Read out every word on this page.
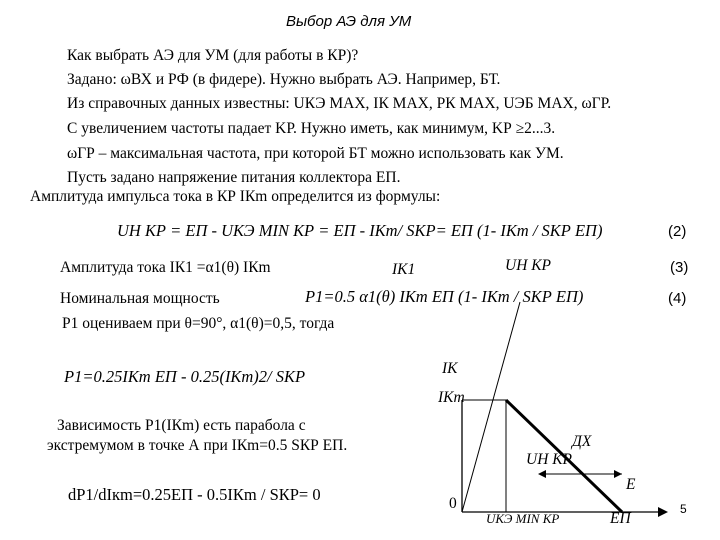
Выбор АЭ для УМ
Как выбрать АЭ для УМ (для работы в КР)?
Задано: ωВХ и PФ (в фидере). Нужно выбрать АЭ. Например, БТ.
Из справочных данных известны: UКЭ МАХ, IК МАХ, PК МАХ, UЭБ МАХ, ωГР.
С увеличением частоты падает KР. Нужно иметь, как минимум, KР ≥2...3.
ωГР – максимальная частота, при которой БТ можно использовать как УМ.
Пусть задано напряжение питания коллектора EП.
Амплитуда импульса тока в КР IКm определится из формулы:
UН КР = EП - UКЭ MIN КР = EП - IКm/ SКР= EП (1- IКm / SКР EП)	(2)
Амплитуда тока IК1 =α1(θ) IКm	IК1	UН КР	(3)
Номинальная мощность	P1=0.5 α1(θ) IКm EП (1- IКm / SКР EП)	(4)
P1 оцениваем при θ=90°, α1(θ)=0,5, тогда
P1=0.25IКm EП - 0.25(IКm)2/ SКР
Зависимость P1(IКm) есть парабола с
экстремумом в точке А при IКm=0.5 SКР EП.
dP1/dIкm=0.25EП - 0.5IКm / SКР= 0
IК
IКm
ДХ
UН КР
E
0
UКЭ MIN КР	EП
5
